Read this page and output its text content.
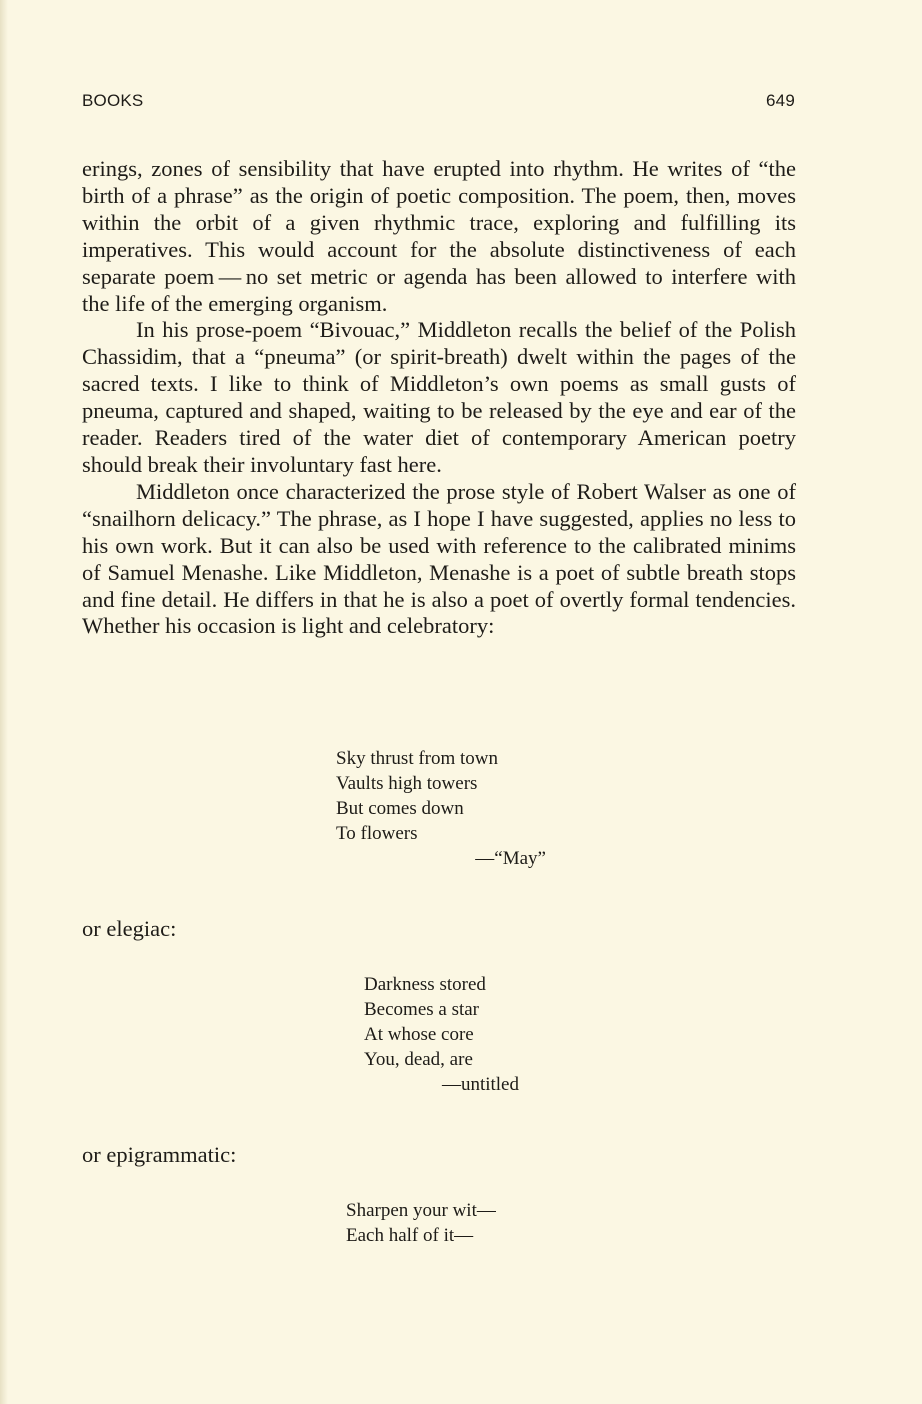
BOOKS	649

erings, zones of sensibility that have erupted into rhythm. He writes of “the birth of a phrase” as the origin of poetic composition. The poem, then, moves within the orbit of a given rhythmic trace, exploring and fulfilling its imperatives. This would account for the absolute distinctiveness of each separate poem — no set metric or agenda has been allowed to interfere with the life of the emerging organism.

In his prose-poem “Bivouac,” Middleton recalls the belief of the Polish Chassidim, that a “pneuma” (or spirit-breath) dwelt within the pages of the sacred texts. I like to think of Middleton’s own poems as small gusts of pneuma, captured and shaped, waiting to be released by the eye and ear of the reader. Readers tired of the water diet of contemporary American poetry should break their involuntary fast here.

Middleton once characterized the prose style of Robert Walser as one of “snailhorn delicacy.” The phrase, as I hope I have suggested, applies no less to his own work. But it can also be used with reference to the calibrated minims of Samuel Menashe. Like Middleton, Menashe is a poet of subtle breath stops and fine detail. He differs in that he is also a poet of overtly formal tendencies. Whether his occasion is light and celebratory:

Sky thrust from town
Vaults high towers
But comes down
To flowers
—“May”
or elegiac:
Darkness stored
Becomes a star
At whose core
You, dead, are
—untitled
or epigrammatic:
Sharpen your wit—
Each half of it—
